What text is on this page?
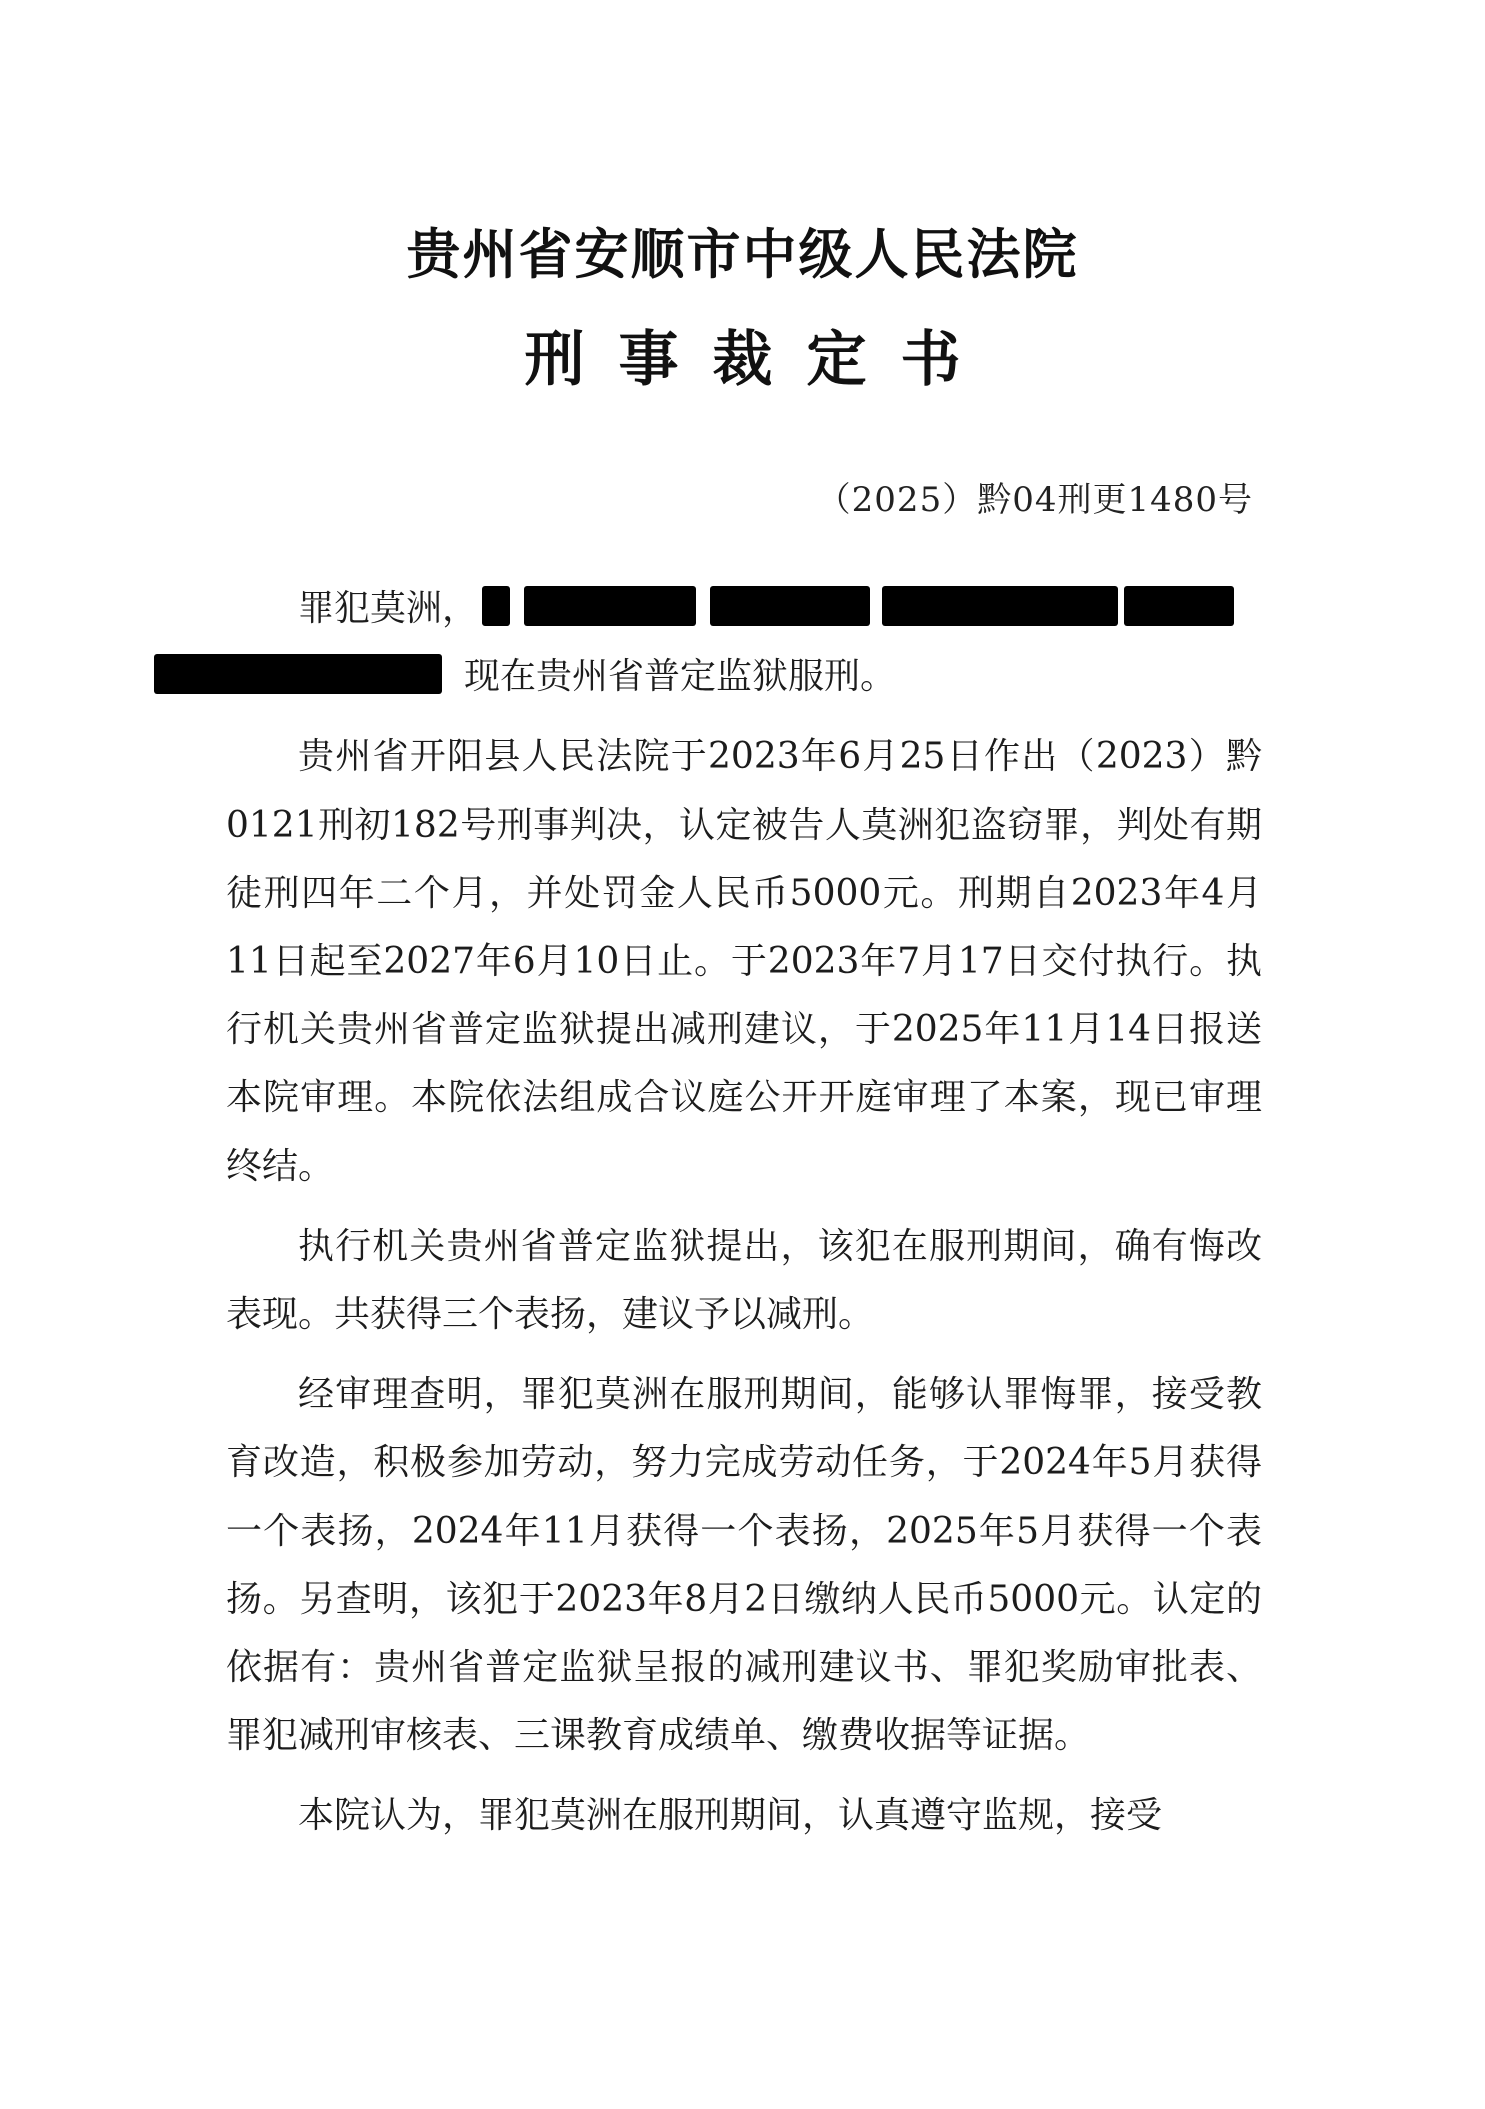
贵州省安顺市中级人民法院
刑事裁定书
（2025）黔04刑更1480号

罪犯莫洲，
现在贵州省普定监狱服刑。

贵州省开阳县人民法院于2023年6月25日作出（2023）黔0121刑初182号刑事判决，认定被告人莫洲犯盗窃罪，判处有期徒刑四年二个月，并处罚金人民币5000元。刑期自2023年4月11日起至2027年6月10日止。于2023年7月17日交付执行。执行机关贵州省普定监狱提出减刑建议，于2025年11月14日报送本院审理。本院依法组成合议庭公开开庭审理了本案，现已审理终结。

执行机关贵州省普定监狱提出，该犯在服刑期间，确有悔改表现。共获得三个表扬，建议予以减刑。

经审理查明，罪犯莫洲在服刑期间，能够认罪悔罪，接受教育改造，积极参加劳动，努力完成劳动任务，于2024年5月获得一个表扬，2024年11月获得一个表扬，2025年5月获得一个表扬。另查明，该犯于2023年8月2日缴纳人民币5000元。认定的依据有：贵州省普定监狱呈报的减刑建议书、罪犯奖励审批表、罪犯减刑审核表、三课教育成绩单、缴费收据等证据。

本院认为，罪犯莫洲在服刑期间，认真遵守监规，接受
